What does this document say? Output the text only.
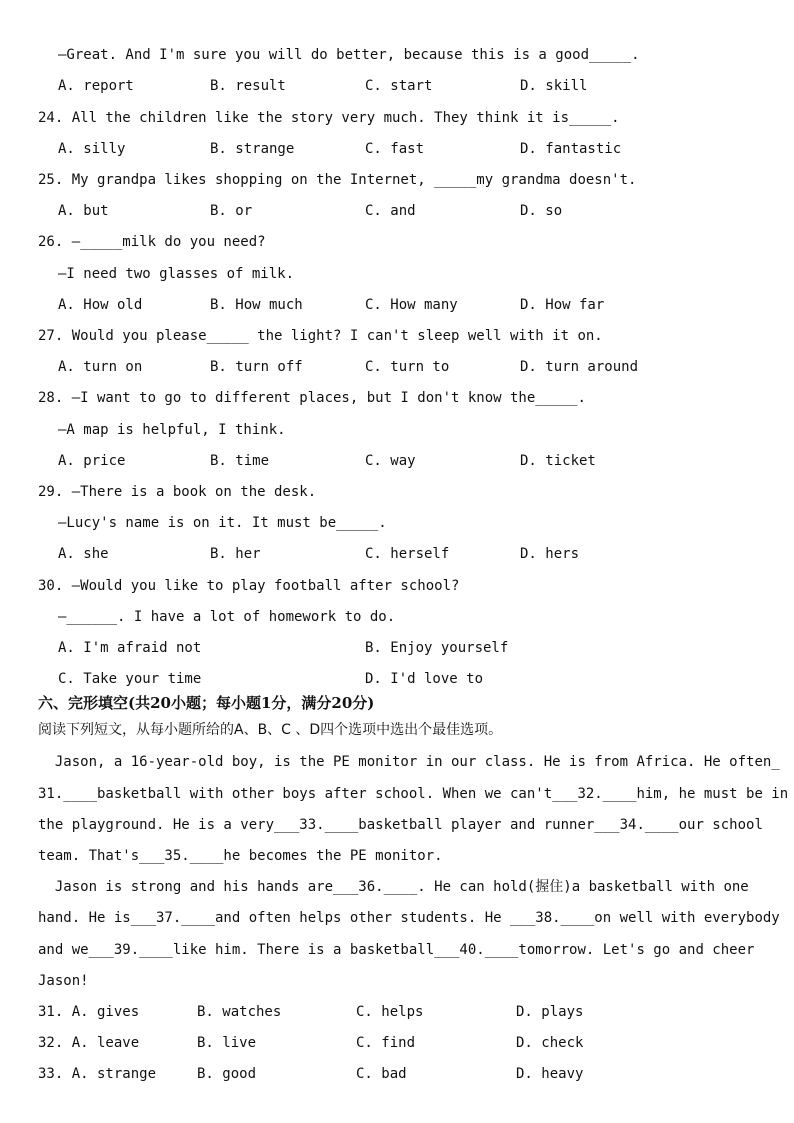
—Great. And I'm sure you will do better, because this is a good_____.
A. report	B. result	C. start	D. skill
24. All the children like the story very much. They think it is_____.
A. silly	B. strange	C. fast	D. fantastic
25. My grandpa likes shopping on the Internet, _____my grandma doesn't.
A. but	B. or	C. and	D. so
26. —_____milk do you need?
—I need two glasses of milk.
A. How old	B. How much	C. How many	D. How far
27. Would you please_____ the light? I can't sleep well with it on.
A. turn on	B. turn off	C. turn to	D. turn around
28. —I want to go to different places, but I don't know the_____.
—A map is helpful, I think.
A. price	B. time	C. way	D. ticket
29. —There is a book on the desk.
—Lucy's name is on it. It must be_____.
A. she	B. her	C. herself	D. hers
30. —Would you like to play football after school?
—______. I have a lot of homework to do.
A. I'm afraid not	B. Enjoy yourself
C. Take your time	D. I'd love to
六、完形填空(共20小题；每小题1分，满分20分)
阅读下列短文，从每小题所给的A、B、C 、D四个选项中选出个最佳选项。
Jason, a 16-year-old boy, is the PE monitor in our class. He is from Africa. He often_
31.____basketball with other boys after school. When we can't___32.____him, he must be in
the playground. He is a very___33.____basketball player and runner___34.____our school
team. That's___35.____he becomes the PE monitor.
Jason is strong and his hands are___36.____. He can hold(握住)a basketball with one
hand. He is___37.____and often helps other students. He ___38.____on well with everybody
and we___39.____like him. There is a basketball___40.____tomorrow. Let's go and cheer
Jason!
31. A. gives	B. watches	C. helps	D. plays
32. A. leave	B. live	C. find	D. check
33. A. strange	B. good	C. bad	D. heavy
